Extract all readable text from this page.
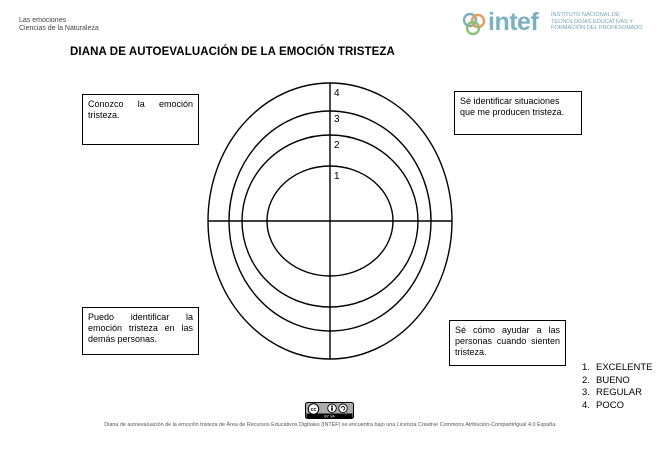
Las emociones
Ciencias de la Naturaleza	intef INSTITUTO NACIONAL DE
TECNOLOGÍAS EDUCATIVAS Y
FORMACIÓN DEL PROFESORADO
DIANA DE AUTOEVALUACIÓN DE LA EMOCIÓN TRISTEZA
4
3
2
1
Conozco la emoción tristeza.
Sé identificar situaciones que me producen tristeza.
Puedo identificar la emoción tristeza en las demás personas.
Sé cómo ayudar a las personas cuando sienten tristeza.
1. EXCELENTE
2. BUENO
3. REGULAR
4. POCO
cc
BY SA
Diana de autoevaluación de la emoción tristeza de Área de Recursos Educativos Digitales (INTEF) se encuentra bajo una Licencia Creative Commons Atribución-CompartirIgual 4.0 España.
